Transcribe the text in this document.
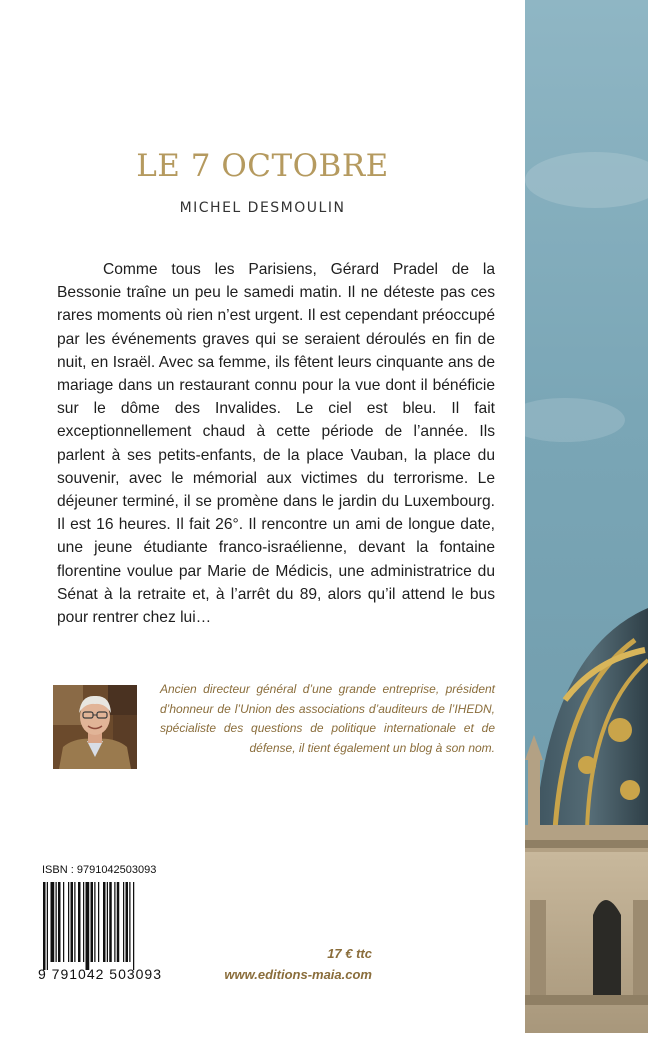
LE 7 OCTOBRE
MICHEL DESMOULIN

Comme tous les Parisiens, Gérard Pradel de la Bessonie traîne un peu le samedi matin. Il ne déteste pas ces rares moments où rien n’est urgent. Il est cependant préoccupé par les événements graves qui se seraient déroulés en fin de nuit, en Israël. Avec sa femme, ils fêtent leurs cinquante ans de mariage dans un restaurant connu pour la vue dont il bénéficie sur le dôme des Invalides. Le ciel est bleu. Il fait exceptionnellement chaud à cette période de l’année. Ils parlent à ses petits-enfants, de la place Vauban, la place du souvenir, avec le mémorial aux victimes du terrorisme. Le déjeuner terminé, il se promène dans le jardin du Luxembourg. Il est 16 heures. Il fait 26°. Il rencontre un ami de longue date, une jeune étudiante franco-israélienne, devant la fontaine florentine voulue par Marie de Médicis, une administratrice du Sénat à la retraite et, à l’arrêt du 89, alors qu’il attend le bus pour rentrer chez lui…

Ancien directeur général d’une grande entreprise, président d’honneur de l’Union des associations d’auditeurs de l’IHEDN, spécialiste des questions de politique internationale et de défense, il tient également un blog à son nom.
ISBN : 9791042503093
9 791042 503093
17 € ttc
www.editions-maia.com
